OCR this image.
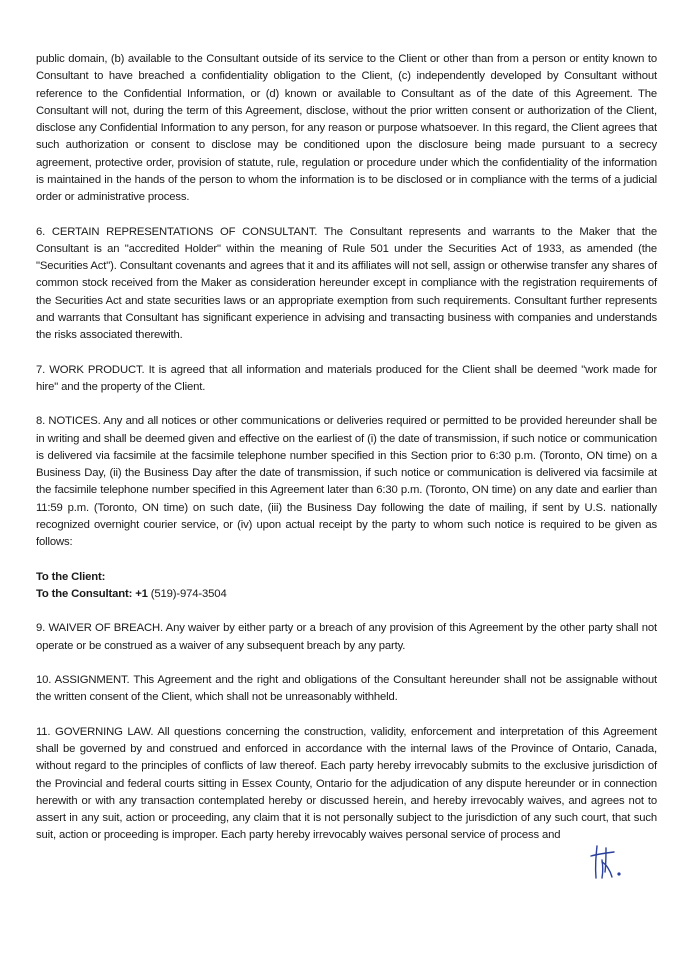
public domain, (b) available to the Consultant outside of its service to the Client or other than from a person or entity known to Consultant to have breached a confidentiality obligation to the Client, (c) independently developed by Consultant without reference to the Confidential Information, or (d) known or available to Consultant as of the date of this Agreement. The Consultant will not, during the term of this Agreement, disclose, without the prior written consent or authorization of the Client, disclose any Confidential Information to any person, for any reason or purpose whatsoever. In this regard, the Client agrees that such authorization or consent to disclose may be conditioned upon the disclosure being made pursuant to a secrecy agreement, protective order, provision of statute, rule, regulation or procedure under which the confidentiality of the information is maintained in the hands of the person to whom the information is to be disclosed or in compliance with the terms of a judicial order or administrative process.

6. CERTAIN REPRESENTATIONS OF CONSULTANT. The Consultant represents and warrants to the Maker that the Consultant is an "accredited Holder" within the meaning of Rule 501 under the Securities Act of 1933, as amended (the "Securities Act"). Consultant covenants and agrees that it and its affiliates will not sell, assign or otherwise transfer any shares of common stock received from the Maker as consideration hereunder except in compliance with the registration requirements of the Securities Act and state securities laws or an appropriate exemption from such requirements. Consultant further represents and warrants that Consultant has significant experience in advising and transacting business with companies and understands the risks associated therewith.

7. WORK PRODUCT. It is agreed that all information and materials produced for the Client shall be deemed "work made for hire" and the property of the Client.

8. NOTICES. Any and all notices or other communications or deliveries required or permitted to be provided hereunder shall be in writing and shall be deemed given and effective on the earliest of (i) the date of transmission, if such notice or communication is delivered via facsimile at the facsimile telephone number specified in this Section prior to 6:30 p.m. (Toronto, ON time) on a Business Day, (ii) the Business Day after the date of transmission, if such notice or communication is delivered via facsimile at the facsimile telephone number specified in this Agreement later than 6:30 p.m. (Toronto, ON time) on any date and earlier than 11:59 p.m. (Toronto, ON time) on such date, (iii) the Business Day following the date of mailing, if sent by U.S. nationally recognized overnight courier service, or (iv) upon actual receipt by the party to whom such notice is required to be given as follows:

To the Client:

To the Consultant: +1 (519)-974-3504

9. WAIVER OF BREACH. Any waiver by either party or a breach of any provision of this Agreement by the other party shall not operate or be construed as a waiver of any subsequent breach by any party.

10. ASSIGNMENT. This Agreement and the right and obligations of the Consultant hereunder shall not be assignable without the written consent of the Client, which shall not be unreasonably withheld.

11. GOVERNING LAW. All questions concerning the construction, validity, enforcement and interpretation of this Agreement shall be governed by and construed and enforced in accordance with the internal laws of the Province of Ontario, Canada, without regard to the principles of conflicts of law thereof. Each party hereby irrevocably submits to the exclusive jurisdiction of the Provincial and federal courts sitting in Essex County, Ontario for the adjudication of any dispute hereunder or in connection herewith or with any transaction contemplated hereby or discussed herein, and hereby irrevocably waives, and agrees not to assert in any suit, action or proceeding, any claim that it is not personally subject to the jurisdiction of any such court, that such suit, action or proceeding is improper. Each party hereby irrevocably waives personal service of process and
